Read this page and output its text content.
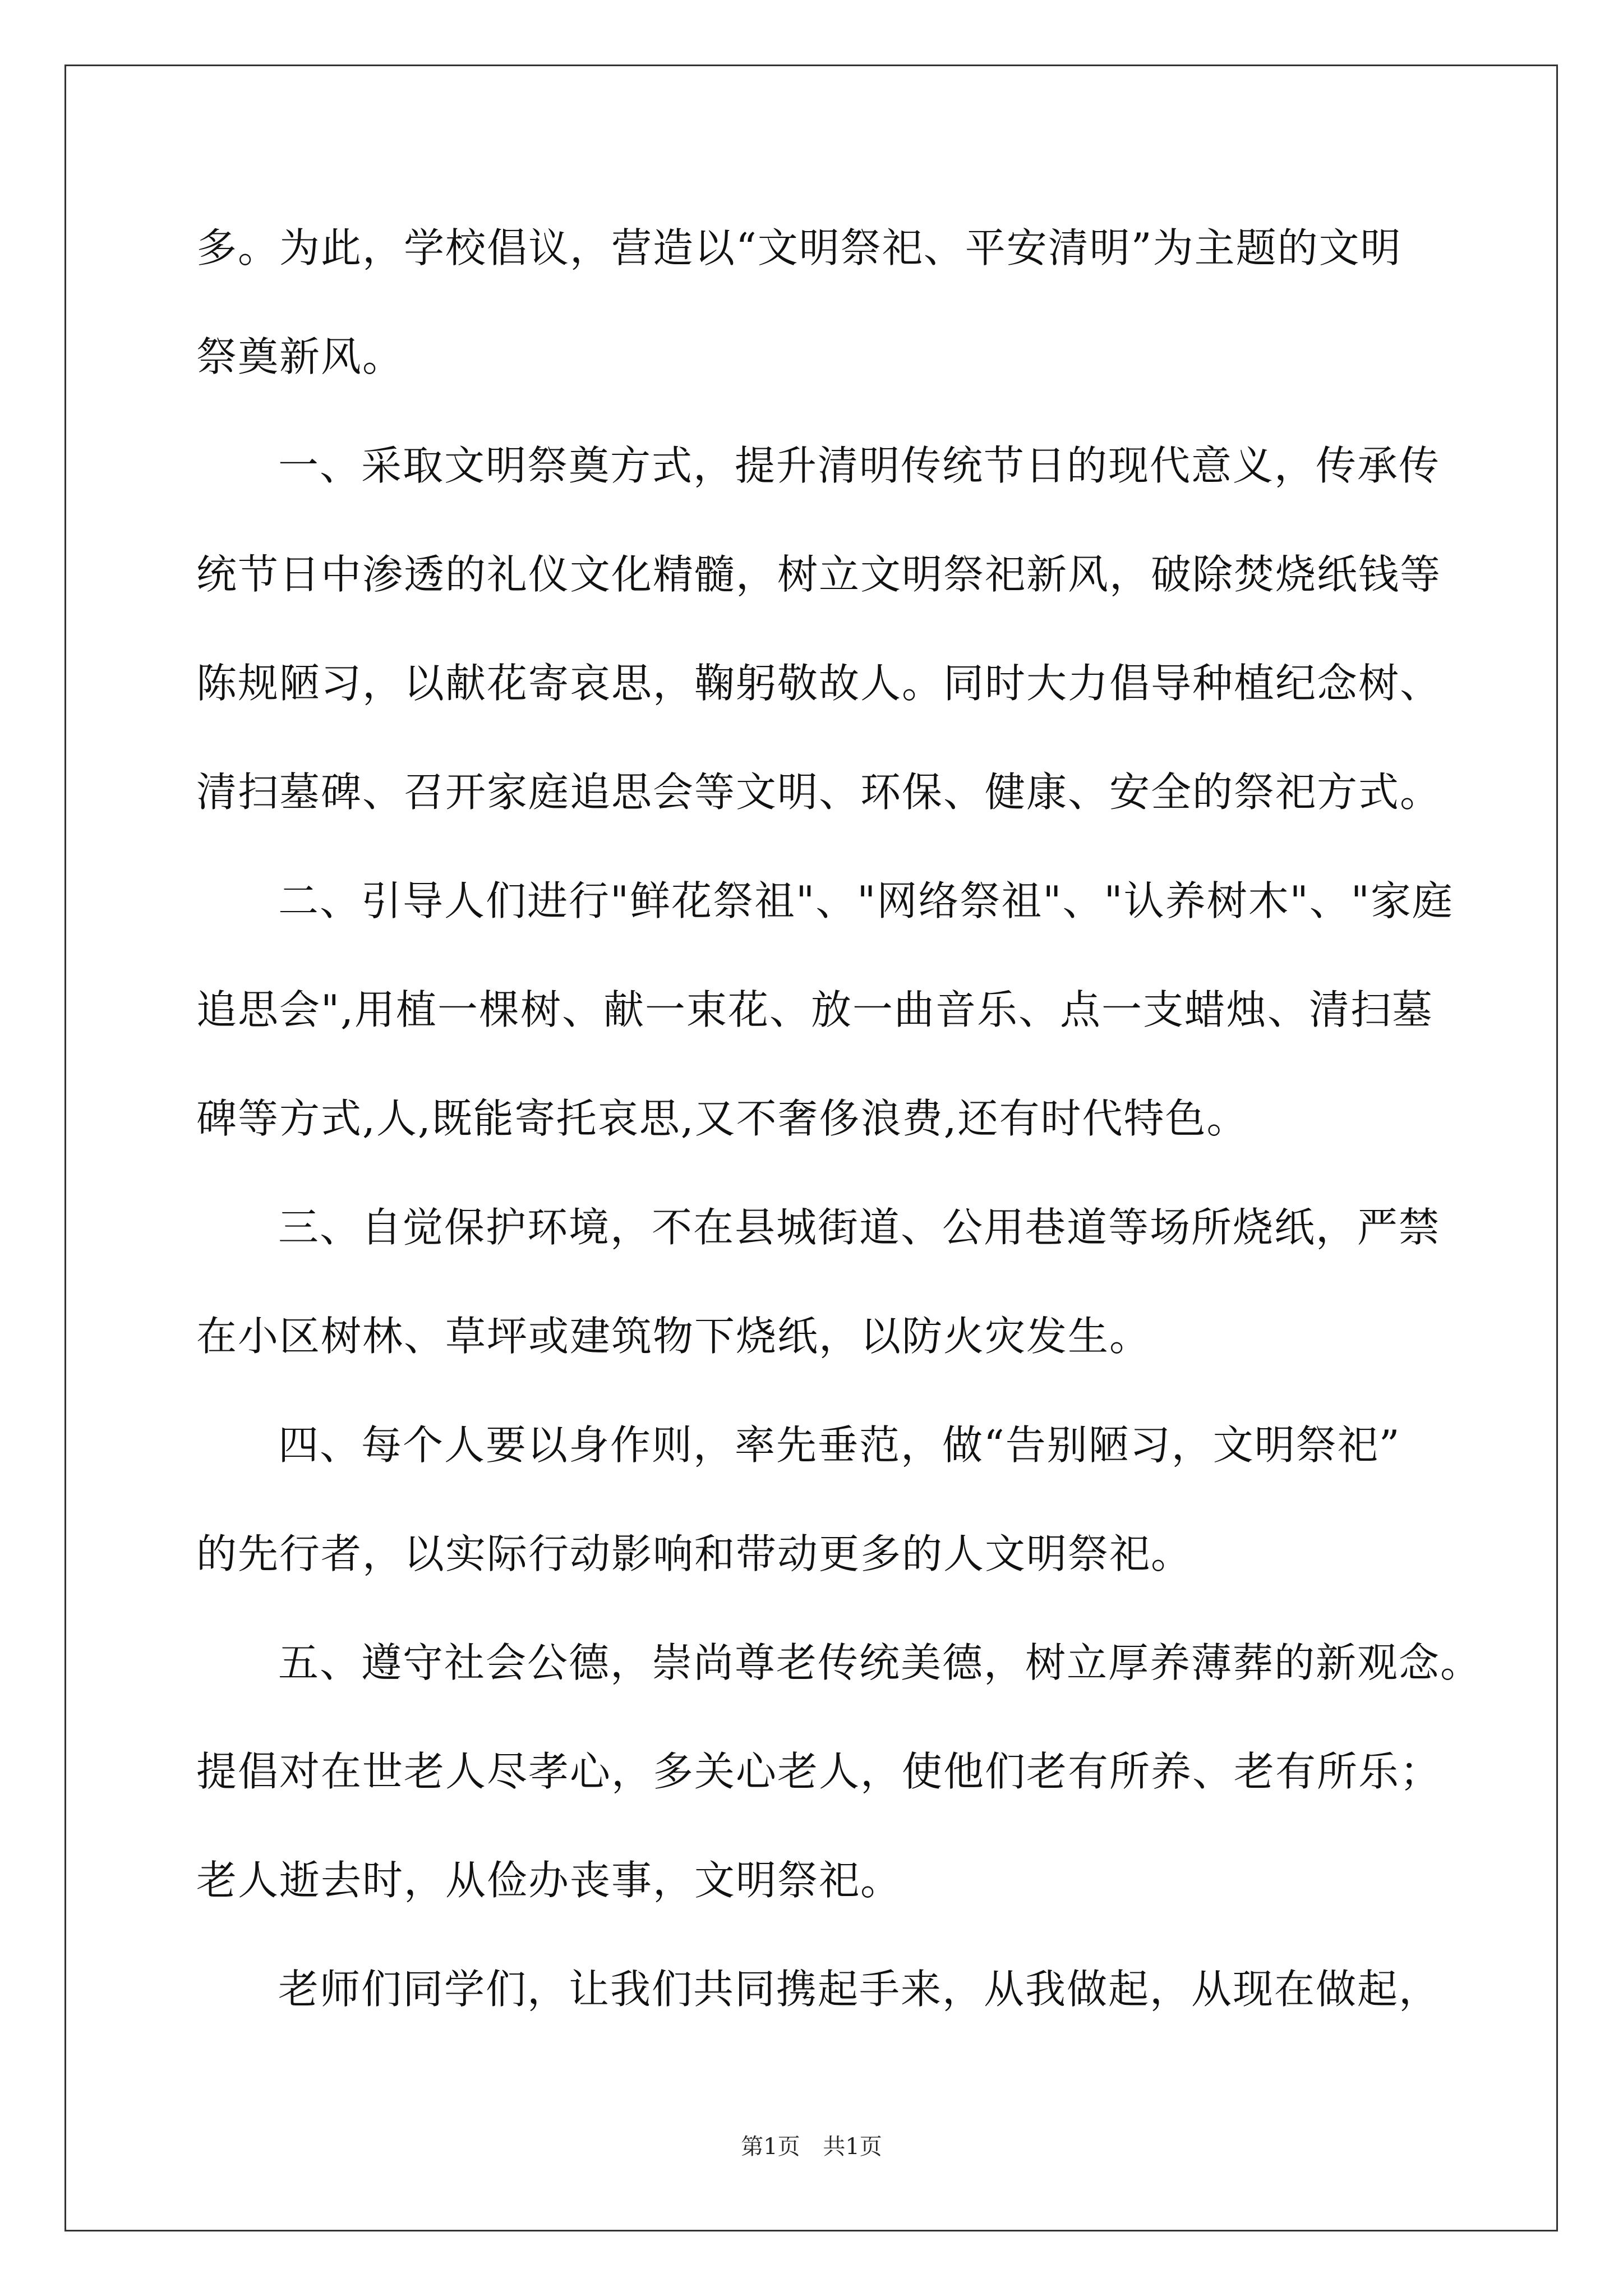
多。为此，学校倡议，营造以“文明祭祀、平安清明”为主题的文明
祭奠新风。
一、采取文明祭奠方式，提升清明传统节日的现代意义，传承传
统节日中渗透的礼仪文化精髓，树立文明祭祀新风，破除焚烧纸钱等
陈规陋习，以献花寄哀思，鞠躬敬故人。同时大力倡导种植纪念树、
清扫墓碑、召开家庭追思会等文明、环保、健康、安全的祭祀方式。
二、引导人们进行"鲜花祭祖"、"网络祭祖"、"认养树木"、"家庭
追思会",用植一棵树、献一束花、放一曲音乐、点一支蜡烛、清扫墓
碑等方式,人,既能寄托哀思,又不奢侈浪费,还有时代特色。
三、自觉保护环境，不在县城街道、公用巷道等场所烧纸，严禁
在小区树林、草坪或建筑物下烧纸，以防火灾发生。
四、每个人要以身作则，率先垂范，做“告别陋习，文明祭祀”
的先行者，以实际行动影响和带动更多的人文明祭祀。
五、遵守社会公德，崇尚尊老传统美德，树立厚养薄葬的新观念。
提倡对在世老人尽孝心，多关心老人，使他们老有所养、老有所乐；
老人逝去时，从俭办丧事，文明祭祀。
老师们同学们，让我们共同携起手来，从我做起，从现在做起，
第1页 共1页
